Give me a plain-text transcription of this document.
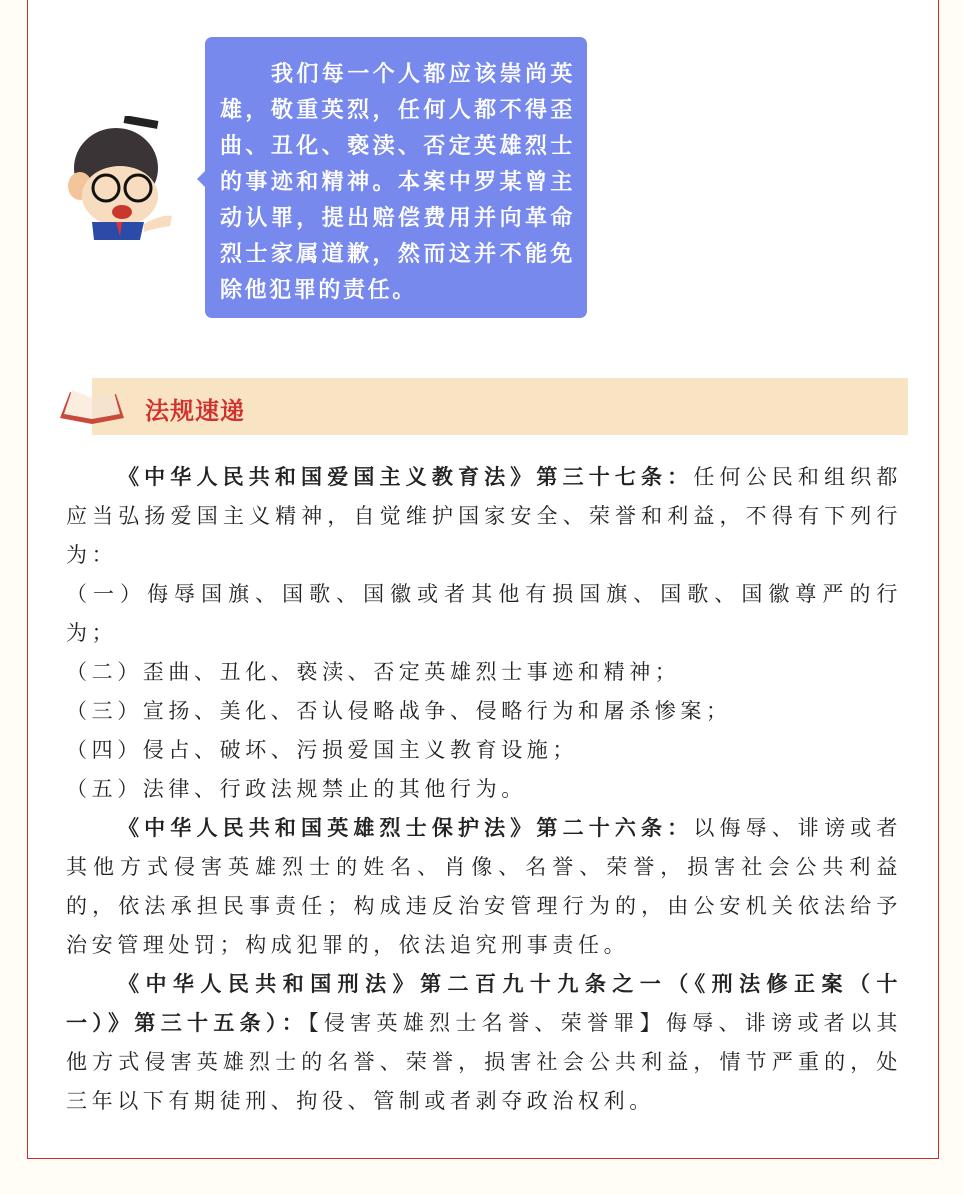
我们每一个人都应该崇尚英雄，敬重英烈，任何人都不得歪曲、丑化、亵渎、否定英雄烈士的事迹和精神。本案中罗某曾主动认罪，提出赔偿费用并向革命烈士家属道歉，然而这并不能免除他犯罪的责任。
法规速递

《中华人民共和国爱国主义教育法》第三十七条：任何公民和组织都应当弘扬爱国主义精神，自觉维护国家安全、荣誉和利益，不得有下列行为：

（一）侮辱国旗、国歌、国徽或者其他有损国旗、国歌、国徽尊严的行为；

（二）歪曲、丑化、亵渎、否定英雄烈士事迹和精神；

（三）宣扬、美化、否认侵略战争、侵略行为和屠杀惨案；

（四）侵占、破坏、污损爱国主义教育设施；

（五）法律、行政法规禁止的其他行为。

《中华人民共和国英雄烈士保护法》第二十六条：以侮辱、诽谤或者其他方式侵害英雄烈士的姓名、肖像、名誉、荣誉，损害社会公共利益的，依法承担民事责任；构成违反治安管理行为的，由公安机关依法给予治安管理处罚；构成犯罪的，依法追究刑事责任。

《中华人民共和国刑法》第二百九十九条之一（《刑法修正案（十一）》第三十五条）：【侵害英雄烈士名誉、荣誉罪】侮辱、诽谤或者以其他方式侵害英雄烈士的名誉、荣誉，损害社会公共利益，情节严重的，处三年以下有期徒刑、拘役、管制或者剥夺政治权利。
